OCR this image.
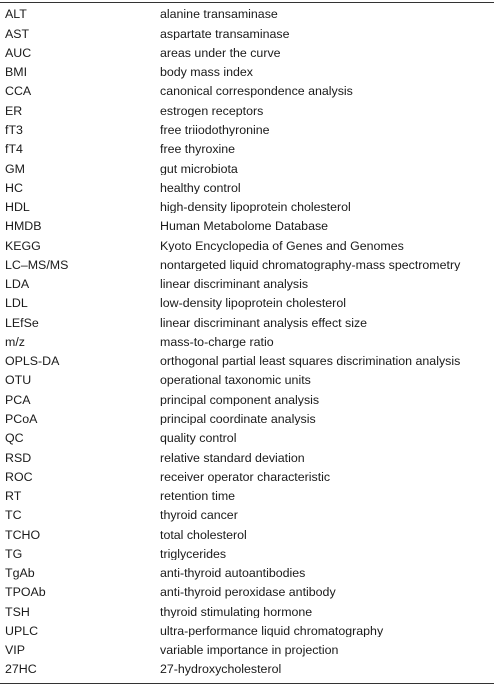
ALT	alanine transaminase
AST	aspartate transaminase
AUC	areas under the curve
BMI	body mass index
CCA	canonical correspondence analysis
ER	estrogen receptors
fT3	free triiodothyronine
fT4	free thyroxine
GM	gut microbiota
HC	healthy control
HDL	high-density lipoprotein cholesterol
HMDB	Human Metabolome Database
KEGG	Kyoto Encyclopedia of Genes and Genomes
LC–MS/MS	nontargeted liquid chromatography-mass spectrometry
LDA	linear discriminant analysis
LDL	low-density lipoprotein cholesterol
LEfSe	linear discriminant analysis effect size
m/z	mass-to-charge ratio
OPLS-DA	orthogonal partial least squares discrimination analysis
OTU	operational taxonomic units
PCA	principal component analysis
PCoA	principal coordinate analysis
QC	quality control
RSD	relative standard deviation
ROC	receiver operator characteristic
RT	retention time
TC	thyroid cancer
TCHO	total cholesterol
TG	triglycerides
TgAb	anti-thyroid autoantibodies
TPOAb	anti-thyroid peroxidase antibody
TSH	thyroid stimulating hormone
UPLC	ultra-performance liquid chromatography
VIP	variable importance in projection
27HC	27-hydroxycholesterol
